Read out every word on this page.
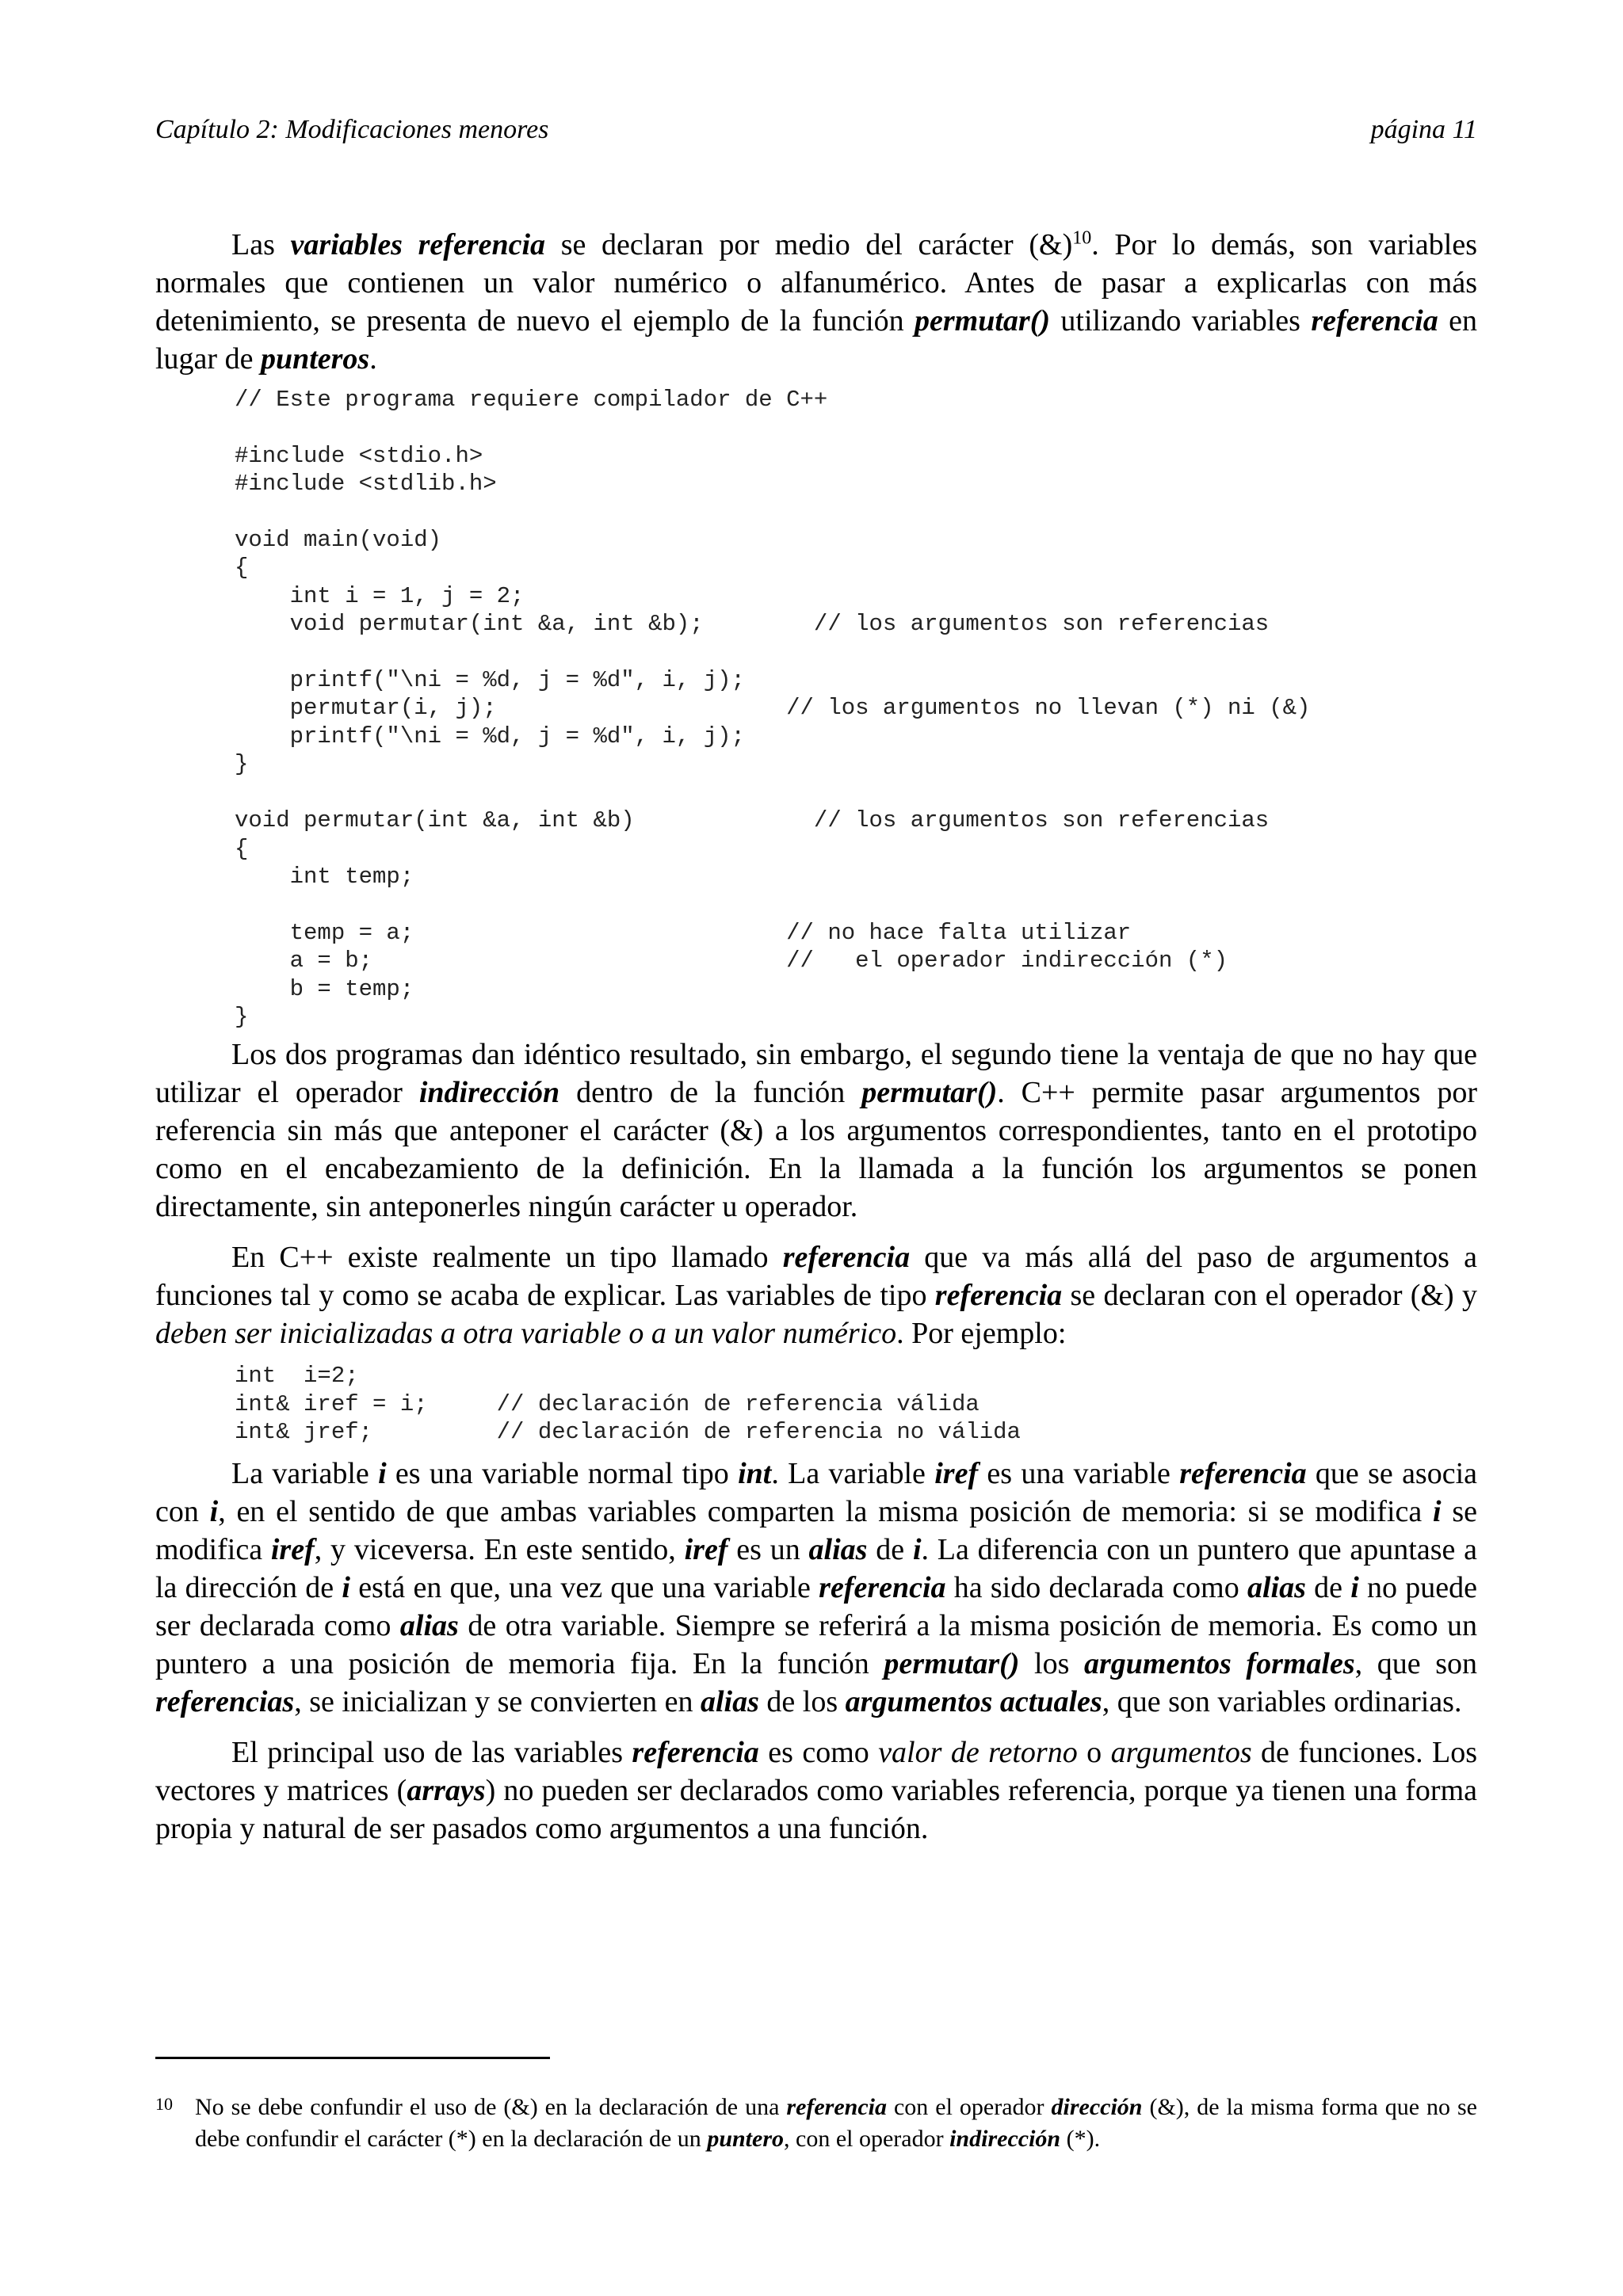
Capítulo 2: Modificaciones menores	página 11

Las variables referencia se declaran por medio del carácter (&)$^{10}$. Por lo demás, son variables normales que contienen un valor numérico o alfanumérico. Antes de pasar a explicarlas con más detenimiento, se presenta de nuevo el ejemplo de la función permutar() utilizando variables referencia en lugar de punteros.

// Este programa requiere compilador de C++

#include <stdio.h>
#include <stdlib.h>

void main(void)
{
int i = 1, j = 2;
void permutar(int &a, int &b);        // los argumentos son referencias

printf("\ni = %d, j = %d", i, j);
permutar(i, j);                     // los argumentos no llevan (*) ni (&)
printf("\ni = %d, j = %d", i, j);
}

void permutar(int &a, int &b)             // los argumentos son referencias
{
int temp;

temp = a;                           // no hace falta utilizar
a = b;                              //   el operador indirección (*)
b = temp;
}

Los dos programas dan idéntico resultado, sin embargo, el segundo tiene la ventaja de que no hay que utilizar el operador indirección dentro de la función permutar(). C++ permite pasar argumentos por referencia sin más que anteponer el carácter (&) a los argumentos correspondientes, tanto en el prototipo como en el encabezamiento de la definición. En la llamada a la función los argumentos se ponen directamente, sin anteponerles ningún carácter u operador.

En C++ existe realmente un tipo llamado referencia que va más allá del paso de argumentos a funciones tal y como se acaba de explicar. Las variables de tipo referencia se declaran con el operador (&) y deben ser inicializadas a otra variable o a un valor numérico. Por ejemplo:

int  i=2;
int& iref = i;     // declaración de referencia válida
int& jref;         // declaración de referencia no válida

La variable i es una variable normal tipo int. La variable iref es una variable referencia que se asocia con i, en el sentido de que ambas variables comparten la misma posición de memoria: si se modifica i se modifica iref, y viceversa. En este sentido, iref es un alias de i. La diferencia con un puntero que apuntase a la dirección de i está en que, una vez que una variable referencia ha sido declarada como alias de i no puede ser declarada como alias de otra variable. Siempre se referirá a la misma posición de memoria. Es como un puntero a una posición de memoria fija. En la función permutar() los argumentos formales, que son referencias, se inicializan y se convierten en alias de los argumentos actuales, que son variables ordinarias.

El principal uso de las variables referencia es como valor de retorno o argumentos de funciones. Los vectores y matrices (arrays) no pueden ser declarados como variables referencia, porque ya tienen una forma propia y natural de ser pasados como argumentos a una función.

10 No se debe confundir el uso de (&) en la declaración de una referencia con el operador dirección (&), de la misma forma que no se debe confundir el carácter (*) en la declaración de un puntero, con el operador indirección (*).
